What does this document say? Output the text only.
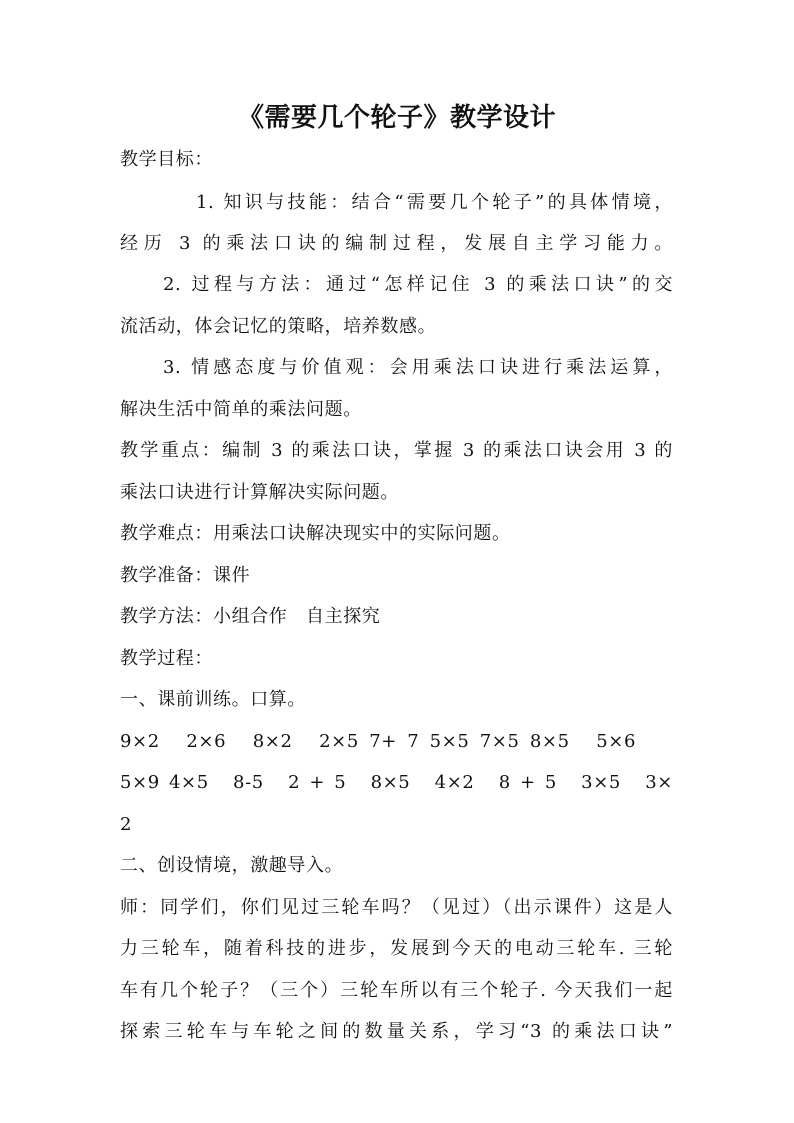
《需要几个轮子》教学设计
教学目标：
1. 知识与技能：结合“需要几个轮子”的具体情境，
经历 3 的乘法口诀的编制过程，发展自主学习能力。
2. 过程与方法：通过“怎样记住 3 的乘法口诀”的交
流活动，体会记忆的策略，培养数感。
3. 情感态度与价值观：会用乘法口诀进行乘法运算，
解决生活中简单的乘法问题。
教学重点：编制 3 的乘法口诀，掌握 3 的乘法口诀会用 3 的
乘法口诀进行计算解决实际问题。
教学难点：用乘法口诀解决现实中的实际问题。
教学准备：课件
教学方法：小组合作　自主探究
教学过程：
一、课前训练。口算。
9×2　2×6　8×2　2×5 7+ 7 5×5 7×5 8×5　5×6
5×9 4×5　8-5　2 + 5　8×5　4×2　8 + 5　3×5　3×
2
二、创设情境，激趣导入。
师：同学们，你们见过三轮车吗？（见过）（出示课件）这是人
力三轮车，随着科技的进步，发展到今天的电动三轮车. 三轮
车有几个轮子？（三个）三轮车所以有三个轮子. 今天我们一起
探索三轮车与车轮之间的数量关系，学习“3 的乘法口诀”
